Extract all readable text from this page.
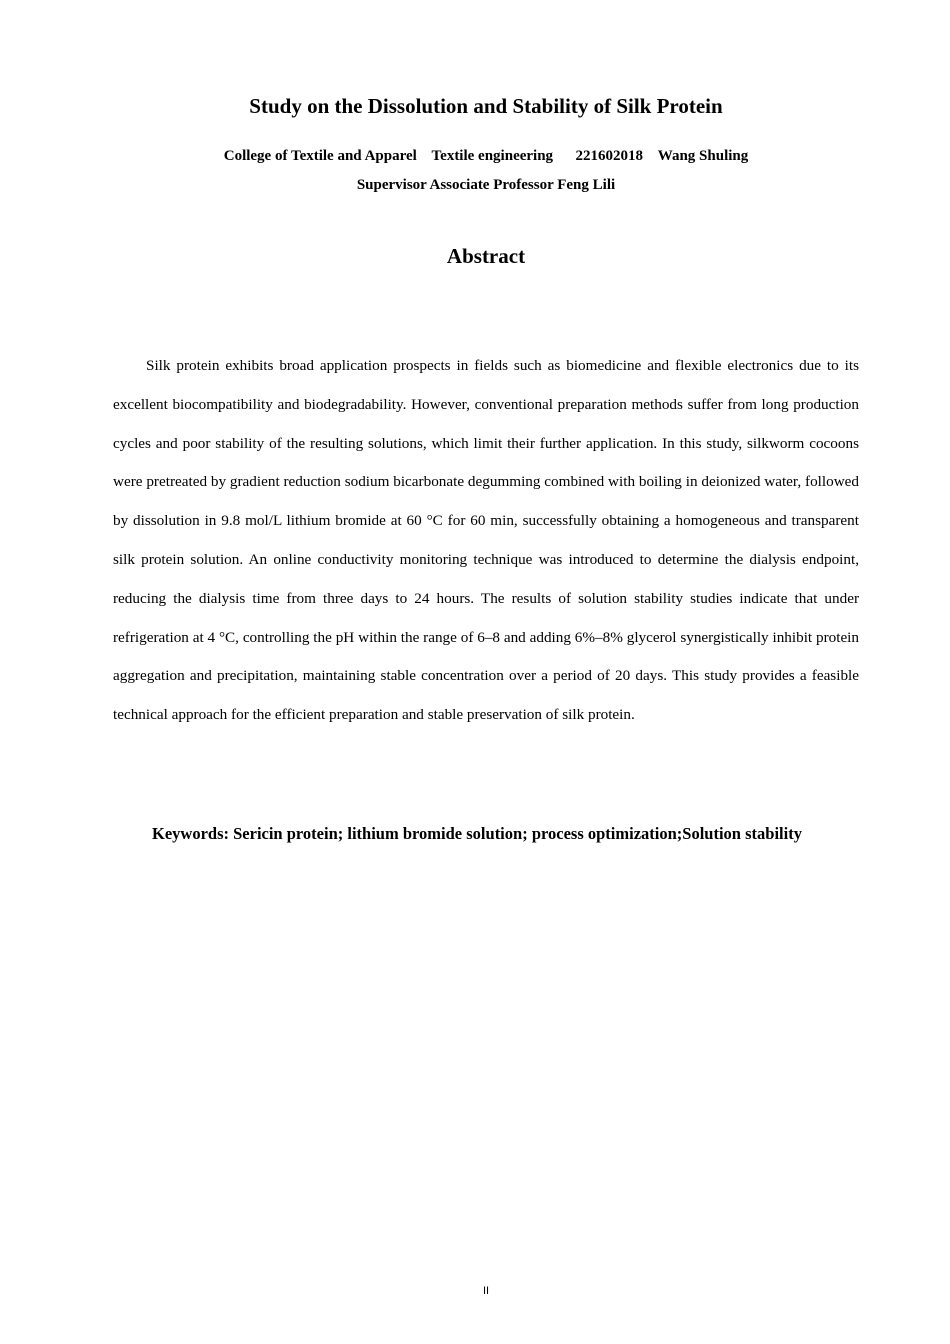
Study on the Dissolution and Stability of Silk Protein
College of Textile and Apparel    Textile engineering      221602018    Wang Shuling
Supervisor Associate Professor Feng Lili
Abstract

Silk protein exhibits broad application prospects in fields such as biomedicine and flexible electronics due to its excellent biocompatibility and biodegradability. However, conventional preparation methods suffer from long production cycles and poor stability of the resulting solutions, which limit their further application. In this study, silkworm cocoons were pretreated by gradient reduction sodium bicarbonate degumming combined with boiling in deionized water, followed by dissolution in 9.8 mol/L lithium bromide at 60 °C for 60 min, successfully obtaining a homogeneous and transparent silk protein solution. An online conductivity monitoring technique was introduced to determine the dialysis endpoint, reducing the dialysis time from three days to 24 hours. The results of solution stability studies indicate that under refrigeration at 4 °C, controlling the pH within the range of 6–8 and adding 6%–8% glycerol synergistically inhibit protein aggregation and precipitation, maintaining stable concentration over a period of 20 days. This study provides a feasible technical approach for the efficient preparation and stable preservation of silk protein.

Keywords: Sericin protein; lithium bromide solution; process optimization;Solution stability

II
